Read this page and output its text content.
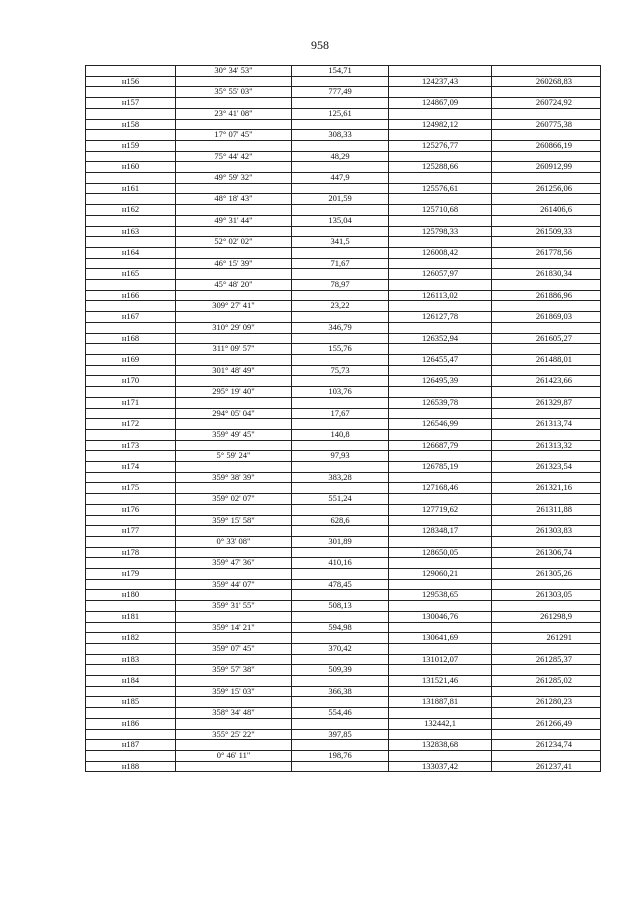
958
	30° 34' 53"	154,71		
н156			124237,43	260268,83
	35° 55' 03"	777,49		
н157			124867,09	260724,92
	23° 41' 08"	125,61		
н158			124982,12	260775,38
	17° 07' 45"	308,33		
н159			125276,77	260866,19
	75° 44' 42"	48,29		
н160			125288,66	260912,99
	49° 59' 32"	447,9		
н161			125576,61	261256,06
	48° 18' 43"	201,59		
н162			125710,68	261406,6
	49° 31' 44"	135,04		
н163			125798,33	261509,33
	52° 02' 02"	341,5		
н164			126008,42	261778,56
	46° 15' 39"	71,67		
н165			126057,97	261830,34
	45° 48' 20"	78,97		
н166			126113,02	261886,96
	309° 27' 41"	23,22		
н167			126127,78	261869,03
	310° 29' 09"	346,79		
н168			126352,94	261605,27
	311° 09' 57"	155,76		
н169			126455,47	261488,01
	301° 48' 49"	75,73		
н170			126495,39	261423,66
	295° 19' 40"	103,76		
н171			126539,78	261329,87
	294° 05' 04"	17,67		
н172			126546,99	261313,74
	359° 49' 45"	140,8		
н173			126687,79	261313,32
	5° 59' 24"	97,93		
н174			126785,19	261323,54
	359° 38' 39"	383,28		
н175			127168,46	261321,16
	359° 02' 07"	551,24		
н176			127719,62	261311,88
	359° 15' 58"	628,6		
н177			128348,17	261303,83
	0° 33' 08"	301,89		
н178			128650,05	261306,74
	359° 47' 36"	410,16		
н179			129060,21	261305,26
	359° 44' 07"	478,45		
н180			129538,65	261303,05
	359° 31' 55"	508,13		
н181			130046,76	261298,9
	359° 14' 21"	594,98		
н182			130641,69	261291
	359° 07' 45"	370,42		
н183			131012,07	261285,37
	359° 57' 38"	509,39		
н184			131521,46	261285,02
	359° 15' 03"	366,38		
н185			131887,81	261280,23
	358° 34' 48"	554,46		
н186			132442,1	261266,49
	355° 25' 22"	397,85		
н187			132838,68	261234,74
	0° 46' 11"	198,76		
н188			133037,42	261237,41
